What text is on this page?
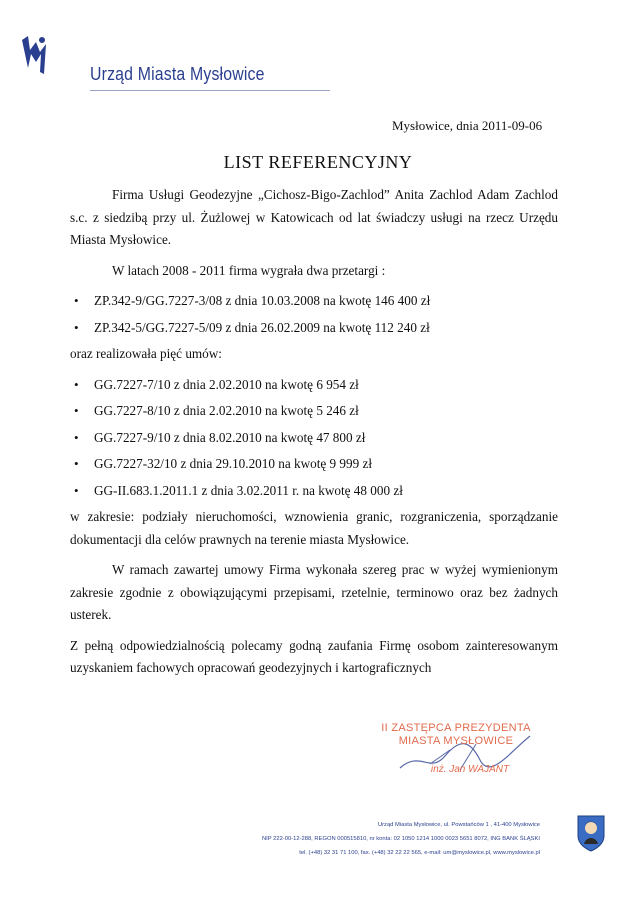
Urząd Miasta Mysłowice
Mysłowice, dnia 2011-09-06
LIST REFERENCYJNY

Firma Usługi Geodezyjne „Cichosz-Bigo-Zachlod” Anita Zachlod Adam Zachlod s.c. z siedzibą przy ul. Żużlowej w Katowicach od lat świadczy usługi na rzecz Urzędu Miasta Mysłowice.

W latach 2008 - 2011 firma wygrała dwa przetargi :

• ZP.342-9/GG.7227-3/08 z dnia 10.03.2008 na kwotę 146 400 zł
• ZP.342-5/GG.7227-5/09 z dnia 26.02.2009 na kwotę 112 240 zł

oraz realizowała pięć umów:

• GG.7227-7/10 z dnia 2.02.2010 na kwotę 6 954 zł
• GG.7227-8/10 z dnia 2.02.2010 na kwotę 5 246 zł
• GG.7227-9/10 z dnia 8.02.2010 na kwotę 47 800 zł
• GG.7227-32/10 z dnia 29.10.2010 na kwotę 9 999 zł
• GG-II.683.1.2011.1 z dnia 3.02.2011 r. na kwotę 48 000 zł

w zakresie: podziały nieruchomości, wznowienia granic, rozgraniczenia, sporządzanie dokumentacji dla celów prawnych na terenie miasta Mysłowice.

W ramach zawartej umowy Firma wykonała szereg prac w wyżej wymienionym zakresie zgodnie z obowiązującymi przepisami, rzetelnie, terminowo oraz bez żadnych usterek.

Z pełną odpowiedzialnością polecamy godną zaufania Firmę osobom zainteresowanym uzyskaniem fachowych opracowań geodezyjnych i kartograficznych

II ZASTĘPCA PREZYDENTA
MIASTA MYSŁOWICE
inż. Jan WAJANT
Urząd Miasta Mysłowice, ul. Powstańców 1 , 41-400 Mysłowice
NIP 222-00-12-288, REGON 000515810, nr konta: 02 1050 1214 1000 0023 5651 8072, ING BANK ŚLĄSKI
tel. (+48) 32 31 71 100, fax. (+48) 32 22 22 565, e-mail: um@myslowice.pl, www.myslowice.pl
